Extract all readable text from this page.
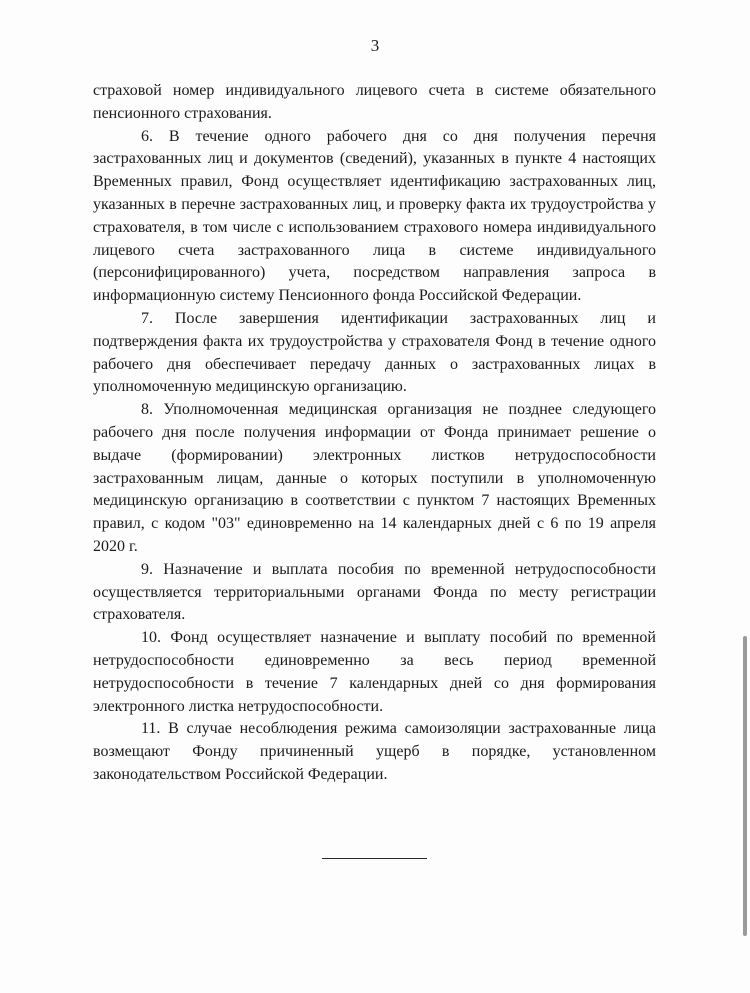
3

страховой номер индивидуального лицевого счета в системе обязательного пенсионного страхования.

6. В течение одного рабочего дня со дня получения перечня застрахованных лиц и документов (сведений), указанных в пункте 4 настоящих Временных правил, Фонд осуществляет идентификацию застрахованных лиц, указанных в перечне застрахованных лиц, и проверку факта их трудоустройства у страхователя, в том числе с использованием страхового номера индивидуального лицевого счета застрахованного лица в системе индивидуального (персонифицированного) учета, посредством направления запроса в информационную систему Пенсионного фонда Российской Федерации.

7. После завершения идентификации застрахованных лиц и подтверждения факта их трудоустройства у страхователя Фонд в течение одного рабочего дня обеспечивает передачу данных о застрахованных лицах в уполномоченную медицинскую организацию.

8. Уполномоченная медицинская организация не позднее следующего рабочего дня после получения информации от Фонда принимает решение о выдаче (формировании) электронных листков нетрудоспособности застрахованным лицам, данные о которых поступили в уполномоченную медицинскую организацию в соответствии с пунктом 7 настоящих Временных правил, с кодом "03" единовременно на 14 календарных дней с 6 по 19 апреля 2020 г.

9. Назначение и выплата пособия по временной нетрудоспособности осуществляется территориальными органами Фонда по месту регистрации страхователя.

10. Фонд осуществляет назначение и выплату пособий по временной нетрудоспособности единовременно за весь период временной нетрудоспособности в течение 7 календарных дней со дня формирования электронного листка нетрудоспособности.

11. В случае несоблюдения режима самоизоляции застрахованные лица возмещают Фонду причиненный ущерб в порядке, установленном законодательством Российской Федерации.
